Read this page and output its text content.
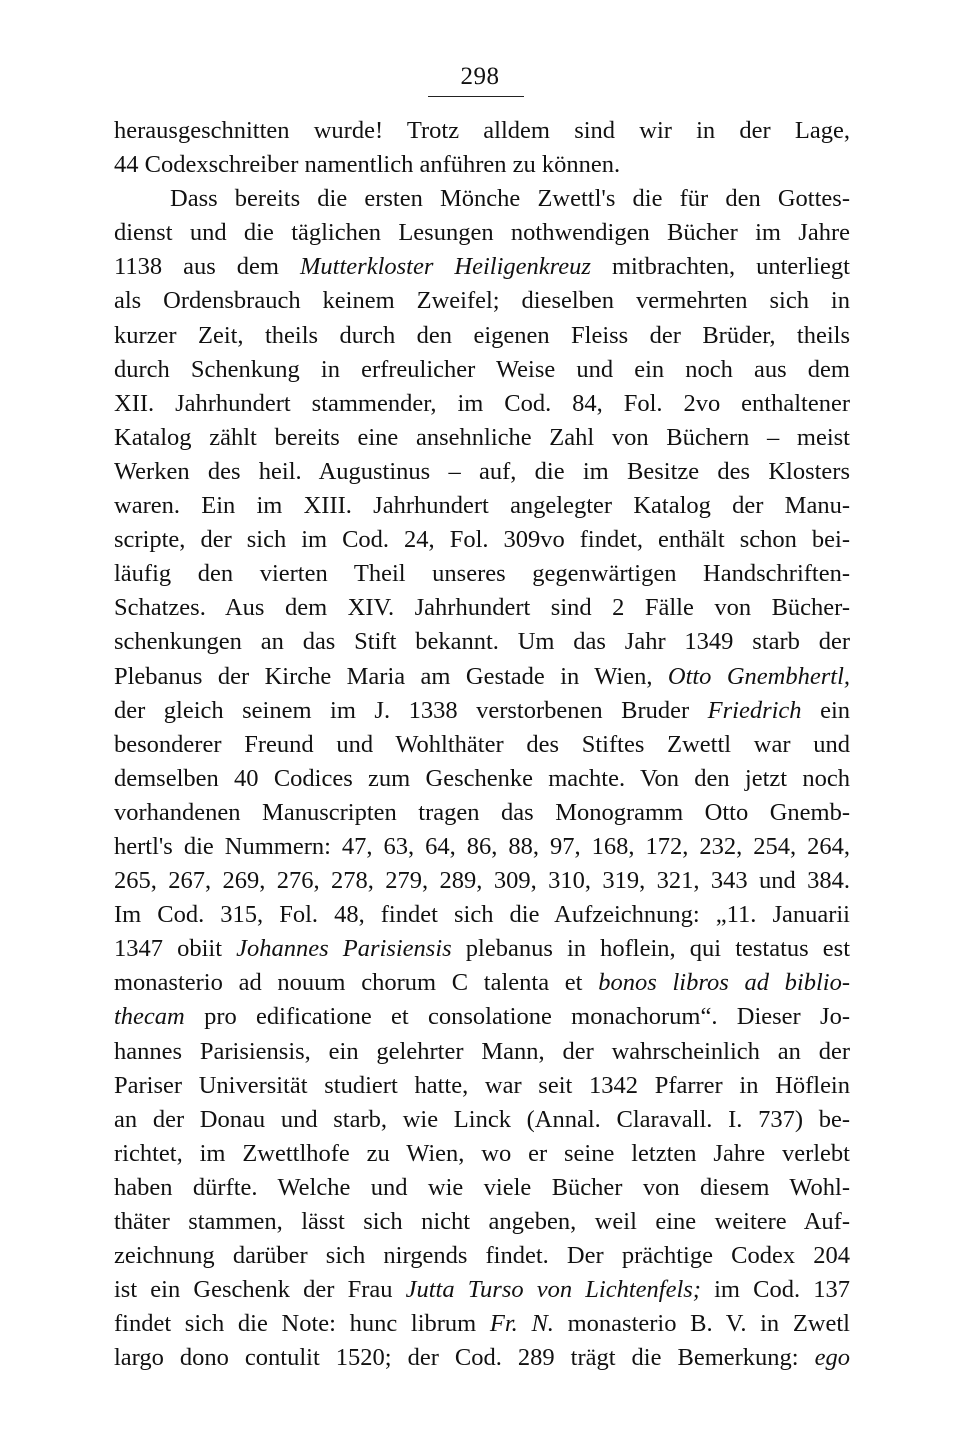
298
herausgeschnitten wurde! Trotz alldem sind wir in der Lage,
44 Codexschreiber namentlich anführen zu können.
Dass bereits die ersten Mönche Zwettl's die für den Gottes-
dienst und die täglichen Lesungen nothwendigen Bücher im Jahre
1138 aus dem Mutterkloster Heiligenkreuz mitbrachten, unterliegt
als Ordensbrauch keinem Zweifel; dieselben vermehrten sich in
kurzer Zeit, theils durch den eigenen Fleiss der Brüder, theils
durch Schenkung in erfreulicher Weise und ein noch aus dem
XII. Jahrhundert stammender, im Cod. 84, Fol. 2vo enthaltener
Katalog zählt bereits eine ansehnliche Zahl von Büchern – meist
Werken des heil. Augustinus – auf, die im Besitze des Klosters
waren. Ein im XIII. Jahrhundert angelegter Katalog der Manu-
scripte, der sich im Cod. 24, Fol. 309vo findet, enthält schon bei-
läufig den vierten Theil unseres gegenwärtigen Handschriften-
Schatzes. Aus dem XIV. Jahrhundert sind 2 Fälle von Bücher-
schenkungen an das Stift bekannt. Um das Jahr 1349 starb der
Plebanus der Kirche Maria am Gestade in Wien, Otto Gnembhertl,
der gleich seinem im J. 1338 verstorbenen Bruder Friedrich ein
besonderer Freund und Wohlthäter des Stiftes Zwettl war und
demselben 40 Codices zum Geschenke machte. Von den jetzt noch
vorhandenen Manuscripten tragen das Monogramm Otto Gnemb-
hertl's die Nummern: 47, 63, 64, 86, 88, 97, 168, 172, 232, 254, 264,
265, 267, 269, 276, 278, 279, 289, 309, 310, 319, 321, 343 und 384.
Im Cod. 315, Fol. 48, findet sich die Aufzeichnung: „11. Januarii
1347 obiit Johannes Parisiensis plebanus in hoflein, qui testatus est
monasterio ad nouum chorum C talenta et bonos libros ad biblio-
thecam pro edificatione et consolatione monachorum“. Dieser Jo-
hannes Parisiensis, ein gelehrter Mann, der wahrscheinlich an der
Pariser Universität studiert hatte, war seit 1342 Pfarrer in Höflein
an der Donau und starb, wie Linck (Annal. Claravall. I. 737) be-
richtet, im Zwettlhofe zu Wien, wo er seine letzten Jahre verlebt
haben dürfte. Welche und wie viele Bücher von diesem Wohl-
thäter stammen, lässt sich nicht angeben, weil eine weitere Auf-
zeichnung darüber sich nirgends findet. Der prächtige Codex 204
ist ein Geschenk der Frau Jutta Turso von Lichtenfels; im Cod. 137
findet sich die Note: hunc librum Fr. N. monasterio B. V. in Zwetl
largo dono contulit 1520; der Cod. 289 trägt die Bemerkung: ego
